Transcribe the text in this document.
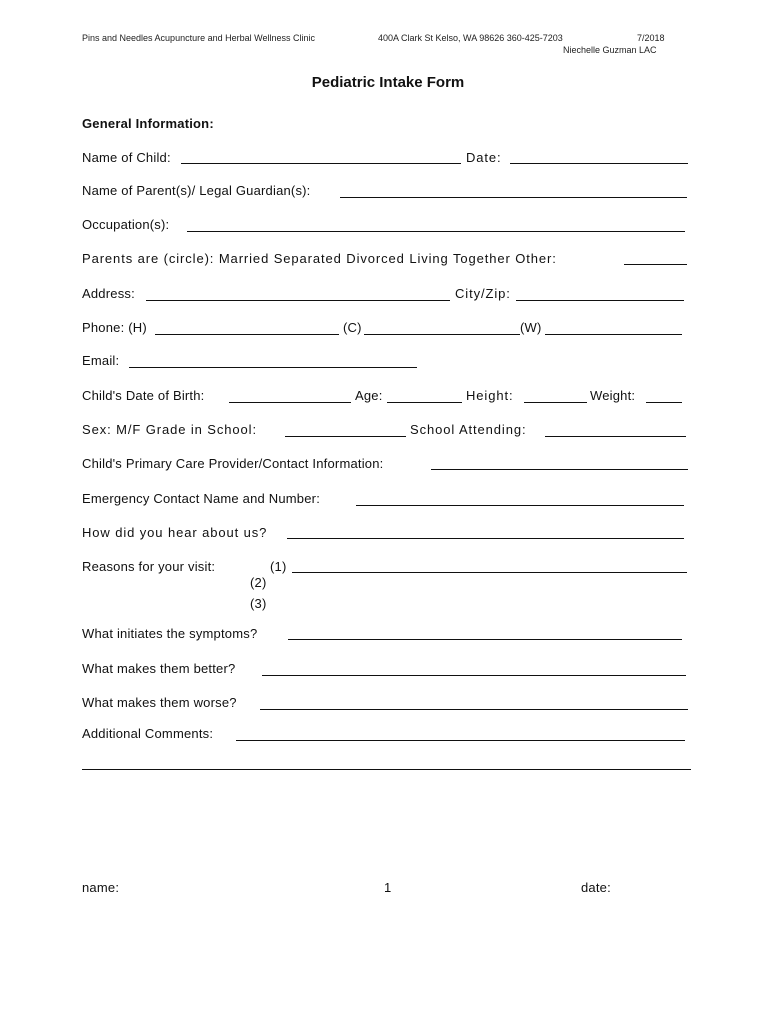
Pins and Needles Acupuncture and Herbal Wellness Clinic	400A Clark St Kelso, WA 98626 360-425-7203	7/2018
Niechelle Guzman LAC
Pediatric Intake Form
General Information:
Name of Child:	Date:
Name of Parent(s)/ Legal Guardian(s):
Occupation(s):
Parents are (circle): Married Separated Divorced Living Together Other:
Address:	City/Zip:
Phone: (H)	(C)	(W)
Email:
Child's Date of Birth:	Age:	Height:	Weight:
Sex: M/F Grade in School:	School Attending:
Child's Primary Care Provider/Contact Information:
Emergency Contact Name and Number:
How did you hear about us?
Reasons for your visit:	(1)
(2)
(3)
What initiates the symptoms?
What makes them better?
What makes them worse?
Additional Comments:
name:	1	date:
